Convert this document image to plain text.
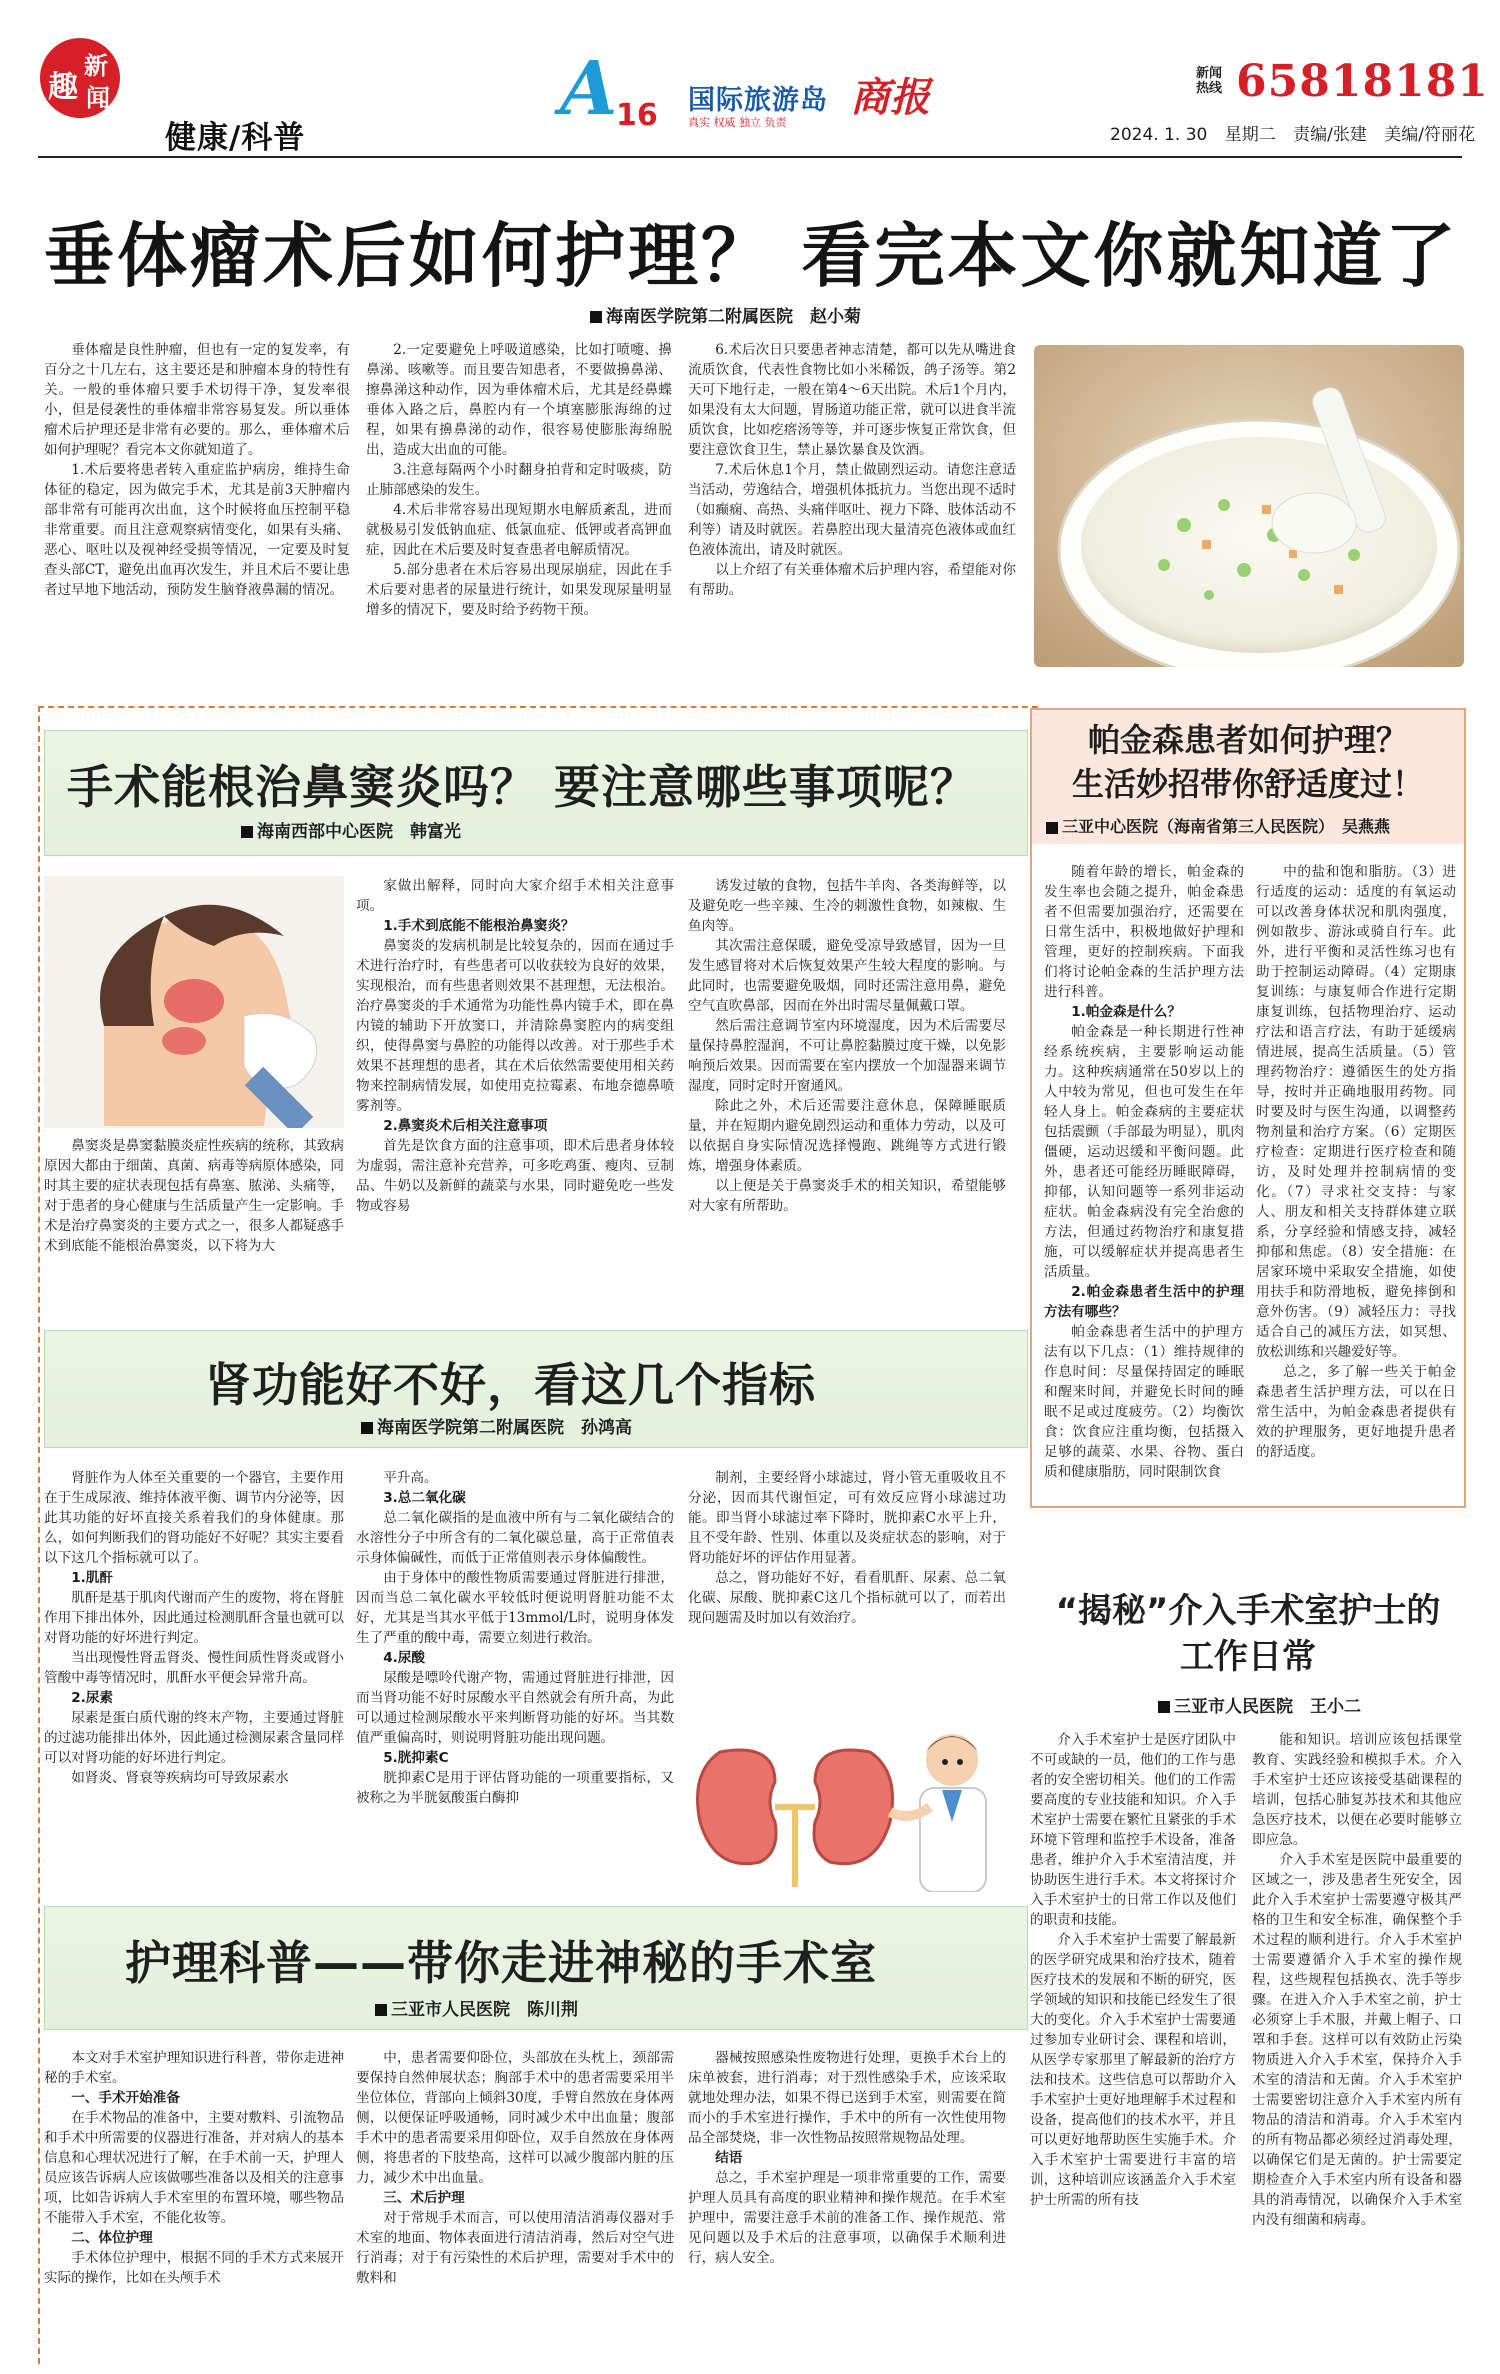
趣
新
闻
健康/科普
A
16 国际旅游岛 商报
真实 权威 独立 负责
新闻热线 65818181
2024. 1. 30 星期二 责编/张建 美编/符丽花
垂体瘤术后如何护理？ 看完本文你就知道了
海南医学院第二附属医院　赵小菊

垂体瘤是良性肿瘤，但也有一定的复发率，有百分之十几左右，这主要还是和肿瘤本身的特性有关。一般的垂体瘤只要手术切得干净，复发率很小，但是侵袭性的垂体瘤非常容易复发。所以垂体瘤术后护理还是非常有必要的。那么，垂体瘤术后如何护理呢？看完本文你就知道了。

1.术后要将患者转入重症监护病房，维持生命体征的稳定，因为做完手术，尤其是前3天肿瘤内部非常有可能再次出血，这个时候将血压控制平稳非常重要。而且注意观察病情变化，如果有头痛、恶心、呕吐以及视神经受损等情况，一定要及时复查头部CT，避免出血再次发生，并且术后不要让患者过早地下地活动，预防发生脑脊液鼻漏的情况。

2.一定要避免上呼吸道感染，比如打喷嚏、擤鼻涕、咳嗽等。而且要告知患者，不要做擤鼻涕、擦鼻涕这种动作，因为垂体瘤术后，尤其是经鼻蝶垂体入路之后，鼻腔内有一个填塞膨胀海绵的过程，如果有擤鼻涕的动作，很容易使膨胀海绵脱出，造成大出血的可能。

3.注意每隔两个小时翻身拍背和定时吸痰，防止肺部感染的发生。

4.术后非常容易出现短期水电解质紊乱，进而就极易引发低钠血症、低氯血症、低钾或者高钾血症，因此在术后要及时复查患者电解质情况。

5.部分患者在术后容易出现尿崩症，因此在手术后要对患者的尿量进行统计，如果发现尿量明显增多的情况下，要及时给予药物干预。

6.术后次日只要患者神志清楚，都可以先从嘴进食流质饮食，代表性食物比如小米稀饭，鸽子汤等。第2天可下地行走，一般在第4～6天出院。术后1个月内，如果没有太大问题，胃肠道功能正常，就可以进食半流质饮食，比如疙瘩汤等等，并可逐步恢复正常饮食，但要注意饮食卫生，禁止暴饮暴食及饮酒。

7.术后休息1个月，禁止做剧烈运动。请您注意适当活动，劳逸结合，增强机体抵抗力。当您出现不适时（如癫痫、高热、头痛伴呕吐、视力下降、肢体活动不利等）请及时就医。若鼻腔出现大量清亮色液体或血红色液体流出，请及时就医。

以上介绍了有关垂体瘤术后护理内容，希望能对你有帮助。

手术能根治鼻窦炎吗？ 要注意哪些事项呢？
海南西部中心医院　韩富光

鼻窦炎是鼻窦黏膜炎症性疾病的统称，其致病原因大都由于细菌、真菌、病毒等病原体感染，同时其主要的症状表现包括有鼻塞、脓涕、头痛等，对于患者的身心健康与生活质量产生一定影响。手术是治疗鼻窦炎的主要方式之一，很多人都疑惑手术到底能不能根治鼻窦炎，以下将为大

家做出解释，同时向大家介绍手术相关注意事项。

1.手术到底能不能根治鼻窦炎？

鼻窦炎的发病机制是比较复杂的，因而在通过手术进行治疗时，有些患者可以收获较为良好的效果，实现根治，而有些患者则效果不甚理想，无法根治。治疗鼻窦炎的手术通常为功能性鼻内镜手术，即在鼻内镜的辅助下开放窦口，并清除鼻窦腔内的病变组织，使得鼻窦与鼻腔的功能得以改善。对于那些手术效果不甚理想的患者，其在术后依然需要使用相关药物来控制病情发展，如使用克拉霉素、布地奈德鼻喷雾剂等。

2.鼻窦炎术后相关注意事项

首先是饮食方面的注意事项，即术后患者身体较为虚弱，需注意补充营养，可多吃鸡蛋、瘦肉、豆制品、牛奶以及新鲜的蔬菜与水果，同时避免吃一些发物或容易

诱发过敏的食物，包括牛羊肉、各类海鲜等，以及避免吃一些辛辣、生冷的刺激性食物，如辣椒、生鱼肉等。

其次需注意保暖，避免受凉导致感冒，因为一旦发生感冒将对术后恢复效果产生较大程度的影响。与此同时，也需要避免吸烟，同时还需注意用鼻，避免空气直吹鼻部，因而在外出时需尽量佩戴口罩。

然后需注意调节室内环境湿度，因为术后需要尽量保持鼻腔湿润，不可让鼻腔黏膜过度干燥，以免影响预后效果。因而需要在室内摆放一个加湿器来调节湿度，同时定时开窗通风。

除此之外，术后还需要注意休息，保障睡眠质量，并在短期内避免剧烈运动和重体力劳动，以及可以依据自身实际情况选择慢跑、跳绳等方式进行锻炼，增强身体素质。

以上便是关于鼻窦炎手术的相关知识，希望能够对大家有所帮助。

帕金森患者如何护理？
生活妙招带你舒适度过！
三亚中心医院（海南省第三人民医院）　吴燕燕

随着年龄的增长，帕金森的发生率也会随之提升，帕金森患者不但需要加强治疗，还需要在日常生活中，积极地做好护理和管理，更好的控制疾病。下面我们将讨论帕金森的生活护理方法进行科普。

1.帕金森是什么？

帕金森是一种长期进行性神经系统疾病，主要影响运动能力。这种疾病通常在50岁以上的人中较为常见，但也可发生在年轻人身上。帕金森病的主要症状包括震颤（手部最为明显），肌肉僵硬，运动迟缓和平衡问题。此外，患者还可能经历睡眠障碍，抑郁，认知问题等一系列非运动症状。帕金森病没有完全治愈的方法，但通过药物治疗和康复措施，可以缓解症状并提高患者生活质量。

2.帕金森患者生活中的护理方法有哪些？

帕金森患者生活中的护理方法有以下几点：（1）维持规律的作息时间：尽量保持固定的睡眠和醒来时间，并避免长时间的睡眠不足或过度疲劳。（2）均衡饮食：饮食应注重均衡，包括摄入足够的蔬菜、水果、谷物、蛋白质和健康脂肪，同时限制饮食

中的盐和饱和脂肪。（3）进行适度的运动：适度的有氧运动可以改善身体状况和肌肉强度，例如散步、游泳或骑自行车。此外，进行平衡和灵活性练习也有助于控制运动障碍。（4）定期康复训练：与康复师合作进行定期康复训练，包括物理治疗、运动疗法和语言疗法，有助于延缓病情进展，提高生活质量。（5）管理药物治疗：遵循医生的处方指导，按时并正确地服用药物。同时要及时与医生沟通，以调整药物剂量和治疗方案。（6）定期医疗检查：定期进行医疗检查和随访，及时处理并控制病情的变化。（7）寻求社交支持：与家人、朋友和相关支持群体建立联系，分享经验和情感支持，减轻抑郁和焦虑。（8）安全措施：在居家环境中采取安全措施，如使用扶手和防滑地板，避免摔倒和意外伤害。（9）减轻压力：寻找适合自己的减压方法，如冥想、放松训练和兴趣爱好等。

总之，多了解一些关于帕金森患者生活护理方法，可以在日常生活中，为帕金森患者提供有效的护理服务，更好地提升患者的舒适度。

肾功能好不好，看这几个指标
海南医学院第二附属医院　孙鸿高

肾脏作为人体至关重要的一个器官，主要作用在于生成尿液、维持体液平衡、调节内分泌等，因此其功能的好坏直接关系着我们的身体健康。那么，如何判断我们的肾功能好不好呢？其实主要看以下这几个指标就可以了。

1.肌酐

肌酐是基于肌肉代谢而产生的废物，将在肾脏作用下排出体外，因此通过检测肌酐含量也就可以对肾功能的好坏进行判定。

当出现慢性肾盂肾炎、慢性间质性肾炎或肾小管酸中毒等情况时，肌酐水平便会异常升高。

2.尿素

尿素是蛋白质代谢的终末产物，主要通过肾脏的过滤功能排出体外，因此通过检测尿素含量同样可以对肾功能的好坏进行判定。

如肾炎、肾衰等疾病均可导致尿素水

平升高。

3.总二氧化碳

总二氧化碳指的是血液中所有与二氧化碳结合的水溶性分子中所含有的二氧化碳总量，高于正常值表示身体偏碱性，而低于正常值则表示身体偏酸性。

由于身体中的酸性物质需要通过肾脏进行排泄，因而当总二氧化碳水平较低时便说明肾脏功能不太好，尤其是当其水平低于13mmol/L时，说明身体发生了严重的酸中毒，需要立刻进行救治。

4.尿酸

尿酸是嘌呤代谢产物，需通过肾脏进行排泄，因而当肾功能不好时尿酸水平自然就会有所升高，为此可以通过检测尿酸水平来判断肾功能的好坏。当其数值严重偏高时，则说明肾脏功能出现问题。

5.胱抑素C

胱抑素C是用于评估肾功能的一项重要指标，又被称之为半胱氨酸蛋白酶抑

制剂，主要经肾小球滤过，肾小管无重吸收且不分泌，因而其代谢恒定，可有效反应肾小球滤过功能。即当肾小球滤过率下降时，胱抑素C水平上升，且不受年龄、性别、体重以及炎症状态的影响，对于肾功能好坏的评估作用显著。

总之，肾功能好不好，看看肌酐、尿素、总二氧化碳、尿酸、胱抑素C这几个指标就可以了，而若出现问题需及时加以有效治疗。	“揭秘”介入手术室护士的
工作日常
三亚市人民医院　王小二

介入手术室护士是医疗团队中不可或缺的一员，他们的工作与患者的安全密切相关。他们的工作需要高度的专业技能和知识。介入手术室护士需要在繁忙且紧张的手术环境下管理和监控手术设备，准备患者，维护介入手术室清洁度，并协助医生进行手术。本文将探讨介入手术室护士的日常工作以及他们的职责和技能。

介入手术室护士需要了解最新的医学研究成果和治疗技术，随着医疗技术的发展和不断的研究，医学领域的知识和技能已经发生了很大的变化。介入手术室护士需要通过参加专业研讨会、课程和培训，从医学专家那里了解最新的治疗方法和技术。这些信息可以帮助介入手术室护士更好地理解手术过程和设备，提高他们的技术水平，并且可以更好地帮助医生实施手术。介入手术室护士需要进行丰富的培训，这种培训应该涵盖介入手术室护士所需的所有技

能和知识。培训应该包括课堂教育、实践经验和模拟手术。介入手术室护士还应该接受基础课程的培训，包括心肺复苏技术和其他应急医疗技术，以便在必要时能够立即应急。

介入手术室是医院中最重要的区域之一，涉及患者生死安全，因此介入手术室护士需要遵守极其严格的卫生和安全标准，确保整个手术过程的顺利进行。介入手术室护士需要遵循介入手术室的操作规程，这些规程包括换衣、洗手等步骤。在进入介入手术室之前，护士必须穿上手术服，并戴上帽子、口罩和手套。这样可以有效防止污染物质进入介入手术室，保持介入手术室的清洁和无菌。介入手术室护士需要密切注意介入手术室内所有物品的清洁和消毒。介入手术室内的所有物品都必须经过消毒处理，以确保它们是无菌的。护士需要定期检查介入手术室内所有设备和器具的消毒情况，以确保介入手术室内没有细菌和病毒。

护理科普——带你走进神秘的手术室
三亚市人民医院　陈川荆

本文对手术室护理知识进行科普，带你走进神秘的手术室。

一、手术开始准备

在手术物品的准备中，主要对敷料、引流物品和手术中所需要的仪器进行准备，并对病人的基本信息和心理状况进行了解，在手术前一天，护理人员应该告诉病人应该做哪些准备以及相关的注意事项，比如告诉病人手术室里的布置环境，哪些物品不能带入手术室，不能化妆等。

二、体位护理

手术体位护理中，根据不同的手术方式来展开实际的操作，比如在头颅手术

中，患者需要仰卧位，头部放在头枕上，颈部需要保持自然伸展状态；胸部手术中的患者需要采用半坐位体位，背部向上倾斜30度，手臂自然放在身体两侧，以便保证呼吸通畅，同时减少术中出血量；腹部手术中的患者需要采用仰卧位，双手自然放在身体两侧，将患者的下肢垫高，这样可以减少腹部内脏的压力，减少术中出血量。

三、术后护理

对于常规手术而言，可以使用清洁消毒仪器对手术室的地面、物体表面进行清洁消毒，然后对空气进行消毒；对于有污染性的术后护理，需要对手术中的敷料和

器械按照感染性废物进行处理，更换手术台上的床单被套，进行消毒；对于烈性感染手术，应该采取就地处理办法，如果不得已送到手术室，则需要在简而小的手术室进行操作，手术中的所有一次性使用物品全部焚烧，非一次性物品按照常规物品处理。

结语

总之，手术室护理是一项非常重要的工作，需要护理人员具有高度的职业精神和操作规范。在手术室护理中，需要注意手术前的准备工作、操作规范、常见问题以及手术后的注意事项，以确保手术顺利进行，病人安全。
